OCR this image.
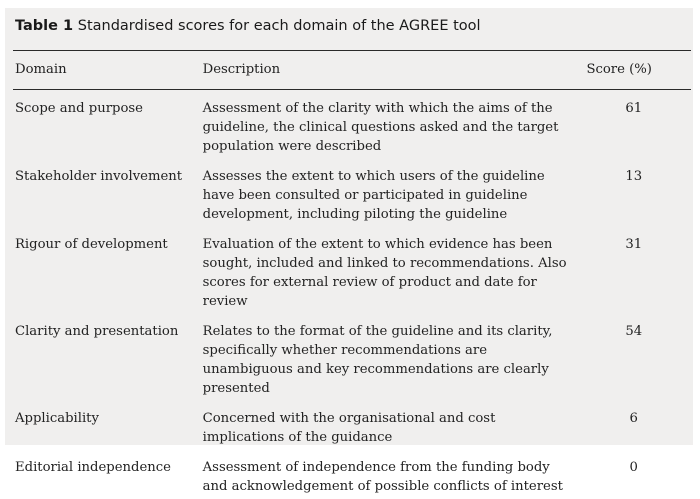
Table 1 Standardised scores for each domain of the AGREE tool
Domain	Description	Score (%)
Scope and purpose	Assessment of the clarity with which the aims of the guideline, the clinical questions asked and the target population were described	61
Stakeholder involvement	Assesses the extent to which users of the guideline have been consulted or participated in guideline development, including piloting the guideline	13
Rigour of development	Evaluation of the extent to which evidence has been sought, included and linked to recommendations. Also scores for external review of product and date for review	31
Clarity and presentation	Relates to the format of the guideline and its clarity, specifically whether recommendations are unambiguous and key recommendations are clearly presented	54
Applicability	Concerned with the organisational and cost implications of the guidance	6
Editorial independence	Assessment of independence from the funding body and acknowledgement of possible conflicts of interest	0
